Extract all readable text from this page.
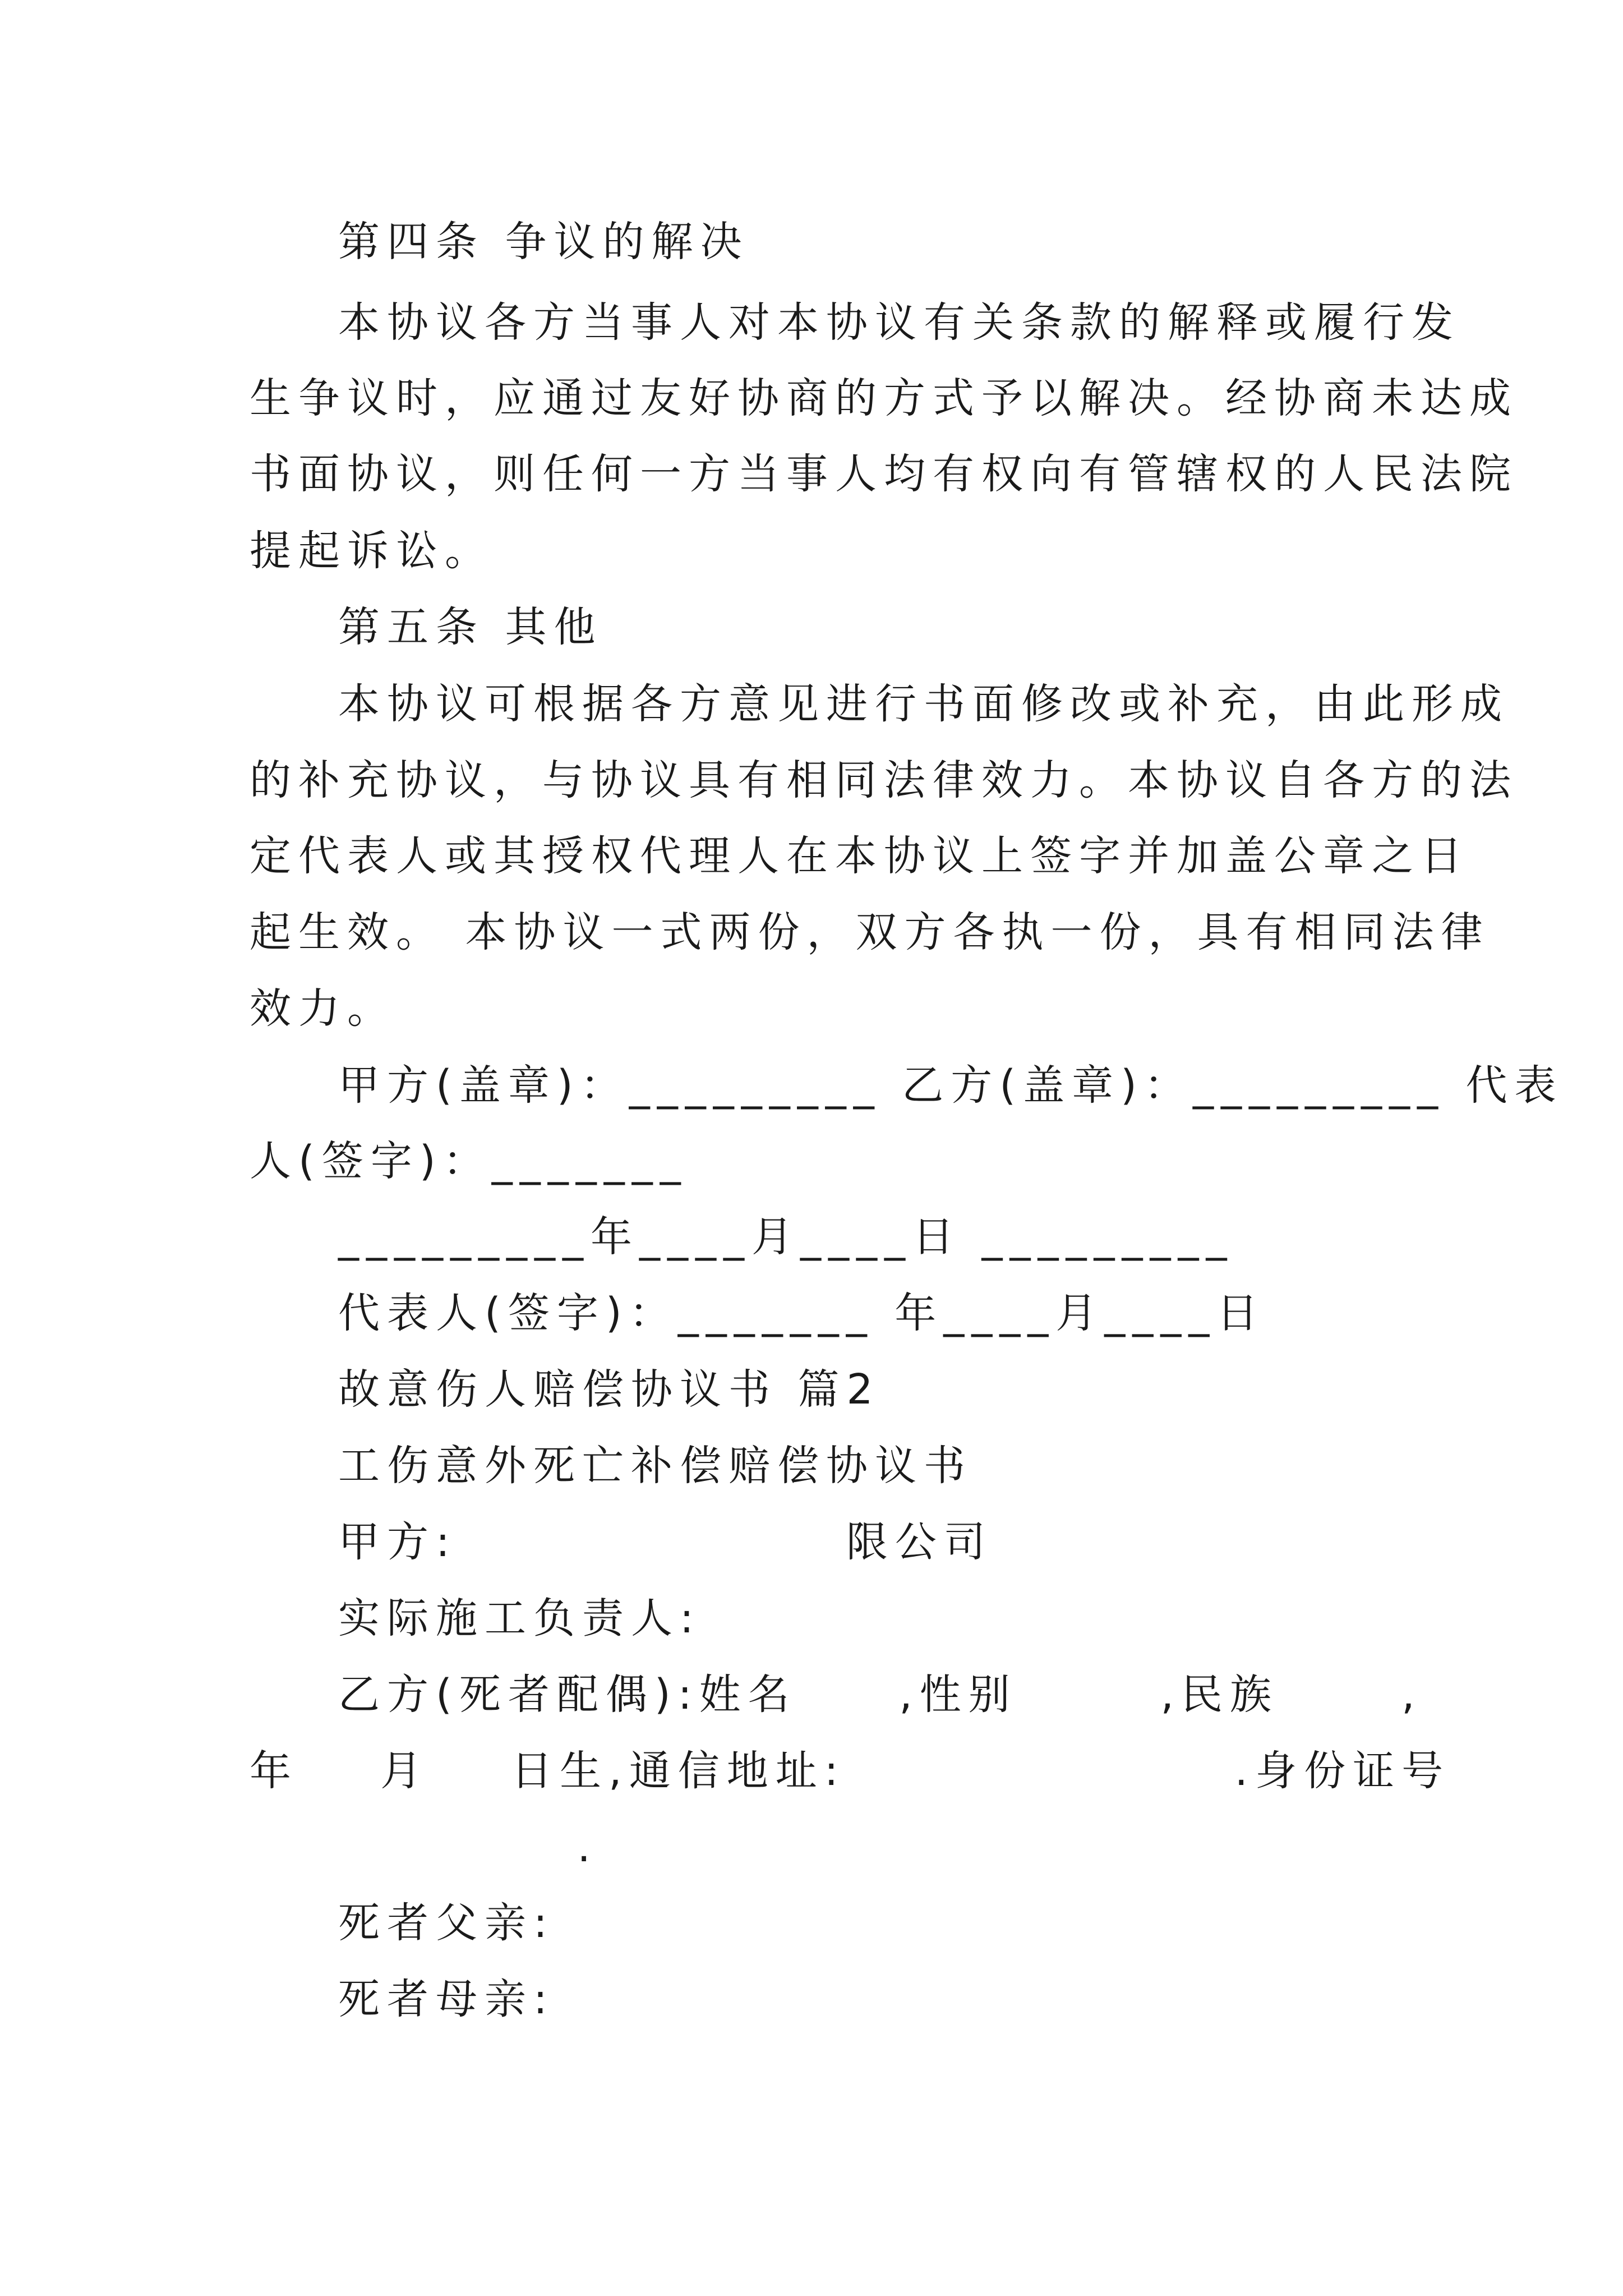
第四条 争议的解决
本协议各方当事人对本协议有关条款的解释或履行发
生争议时，应通过友好协商的方式予以解决。经协商未达成
书面协议，则任何一方当事人均有权向有管辖权的人民法院
提起诉讼。
第五条 其他
本协议可根据各方意见进行书面修改或补充，由此形成
的补充协议，与协议具有相同法律效力。本协议自各方的法
定代表人或其授权代理人在本协议上签字并加盖公章之日
起生效。 本协议一式两份，双方各执一份，具有相同法律
效力。
甲方(盖章)：_________ 乙方(盖章)：_________ 代表
人(签字)：_______
_________年____月____日 _________
代表人(签字)：_______ 年____月____日
故意伤人赔偿协议书 篇2
工伤意外死亡补偿赔偿协议书
甲方:                   限公司
实际施工负责人:
乙方(死者配偶):姓名     ,性别       ,民族      ,
年    月    日生,通信地址:                   .身份证号
.
死者父亲:
死者母亲:
